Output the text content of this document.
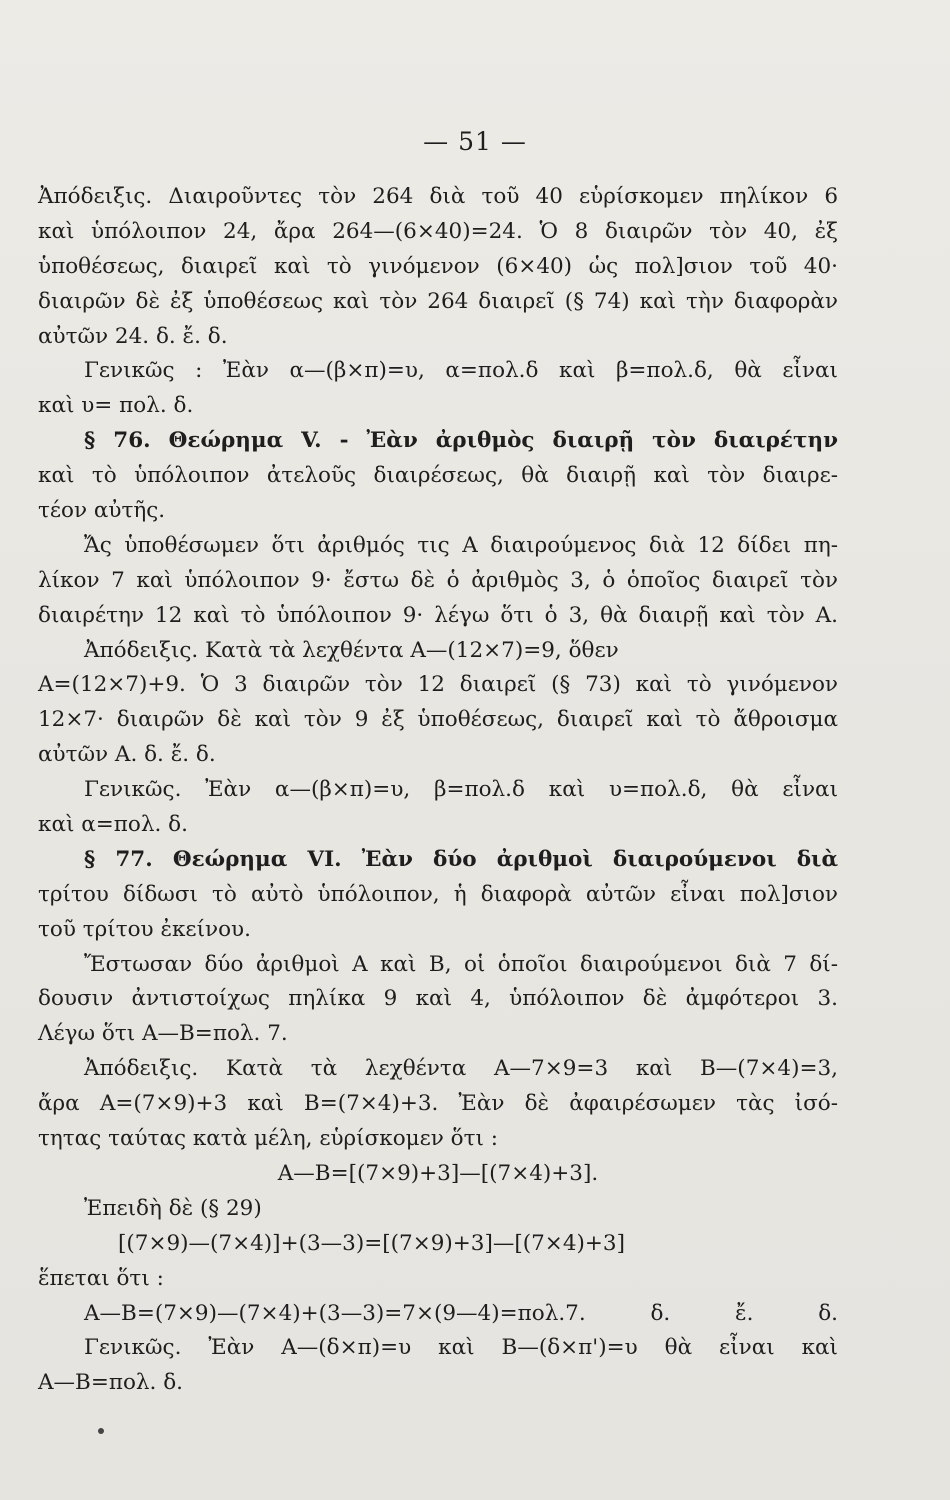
— 51 —
Ἀπόδειξις. Διαιροῦντες τὸν 264 διὰ τοῦ 40 εὑρίσκομεν πηλίκον 6
καὶ ὑπόλοιπον 24, ἄρα 264—(6×40)=24. Ὁ 8 διαιρῶν τὸν 40, ἐξ
ὑποθέσεως, διαιρεῖ καὶ τὸ γινόμενον (6×40) ὡς πολ]σιον τοῦ 40·
διαιρῶν δὲ ἐξ ὑποθέσεως καὶ τὸν 264 διαιρεῖ (§ 74) καὶ τὴν διαφορὰν
αὐτῶν 24. δ. ἔ. δ.
Γενικῶς : Ἐὰν α—(β×π)=υ, α=πολ.δ καὶ β=πολ.δ, θὰ εἶναι
καὶ υ= πολ. δ.
§ 76. Θεώρημα V. - Ἐὰν ἀριθμὸς διαιρῇ τὸν διαιρέτην
καὶ τὸ ὑπόλοιπον ἀτελοῦς διαιρέσεως, θὰ διαιρῇ καὶ τὸν διαιρε-
τέον αὐτῆς.
Ἄς ὑποθέσωμεν ὅτι ἀριθμός τις Α διαιρούμενος διὰ 12 δίδει πη-
λίκον 7 καὶ ὑπόλοιπον 9· ἔστω δὲ ὁ ἀριθμὸς 3, ὁ ὁποῖος διαιρεῖ τὸν
διαιρέτην 12 καὶ τὸ ὑπόλοιπον 9· λέγω ὅτι ὁ 3, θὰ διαιρῇ καὶ τὸν Α.
Ἀπόδειξις. Κατὰ τὰ λεχθέντα Α—(12×7)=9, ὅθεν
Α=(12×7)+9. Ὁ 3 διαιρῶν τὸν 12 διαιρεῖ (§ 73) καὶ τὸ γινόμενον
12×7· διαιρῶν δὲ καὶ τὸν 9 ἐξ ὑποθέσεως, διαιρεῖ καὶ τὸ ἄθροισμα
αὐτῶν Α. δ. ἔ. δ.
Γενικῶς. Ἐὰν α—(β×π)=υ, β=πολ.δ καὶ υ=πολ.δ, θὰ εἶναι
καὶ α=πολ. δ.
§ 77. Θεώρημα VI. Ἐὰν δύο ἀριθμοὶ διαιρούμενοι διὰ
τρίτου δίδωσι τὸ αὐτὸ ὑπόλοιπον, ἡ διαφορὰ αὐτῶν εἶναι πολ]σιον
τοῦ τρίτου ἐκείνου.
Ἔστωσαν δύο ἀριθμοὶ Α καὶ Β, οἱ ὁποῖοι διαιρούμενοι διὰ 7 δί-
δουσιν ἀντιστοίχως πηλίκα 9 καὶ 4, ὑπόλοιπον δὲ ἀμφότεροι 3.
Λέγω ὅτι Α—Β=πολ. 7.
Ἀπόδειξις. Κατὰ τὰ λεχθέντα Α—7×9=3 καὶ Β—(7×4)=3,
ἄρα Α=(7×9)+3 καὶ Β=(7×4)+3. Ἐὰν δὲ ἀφαιρέσωμεν τὰς ἰσό-
τητας ταύτας κατὰ μέλη, εὑρίσκομεν ὅτι :
Α—Β=[(7×9)+3]—[(7×4)+3].
Ἐπειδὴ δὲ (§ 29)
[(7×9)—(7×4)]+(3—3)=[(7×9)+3]—[(7×4)+3]
ἕπεται ὅτι :
Α—Β=(7×9)—(7×4)+(3—3)=7×(9—4)=πολ.7. δ. ἔ. δ.
Γενικῶς. Ἐὰν Α—(δ×π)=υ καὶ Β—(δ×π')=υ θὰ εἶναι καὶ
Α—Β=πολ. δ.
